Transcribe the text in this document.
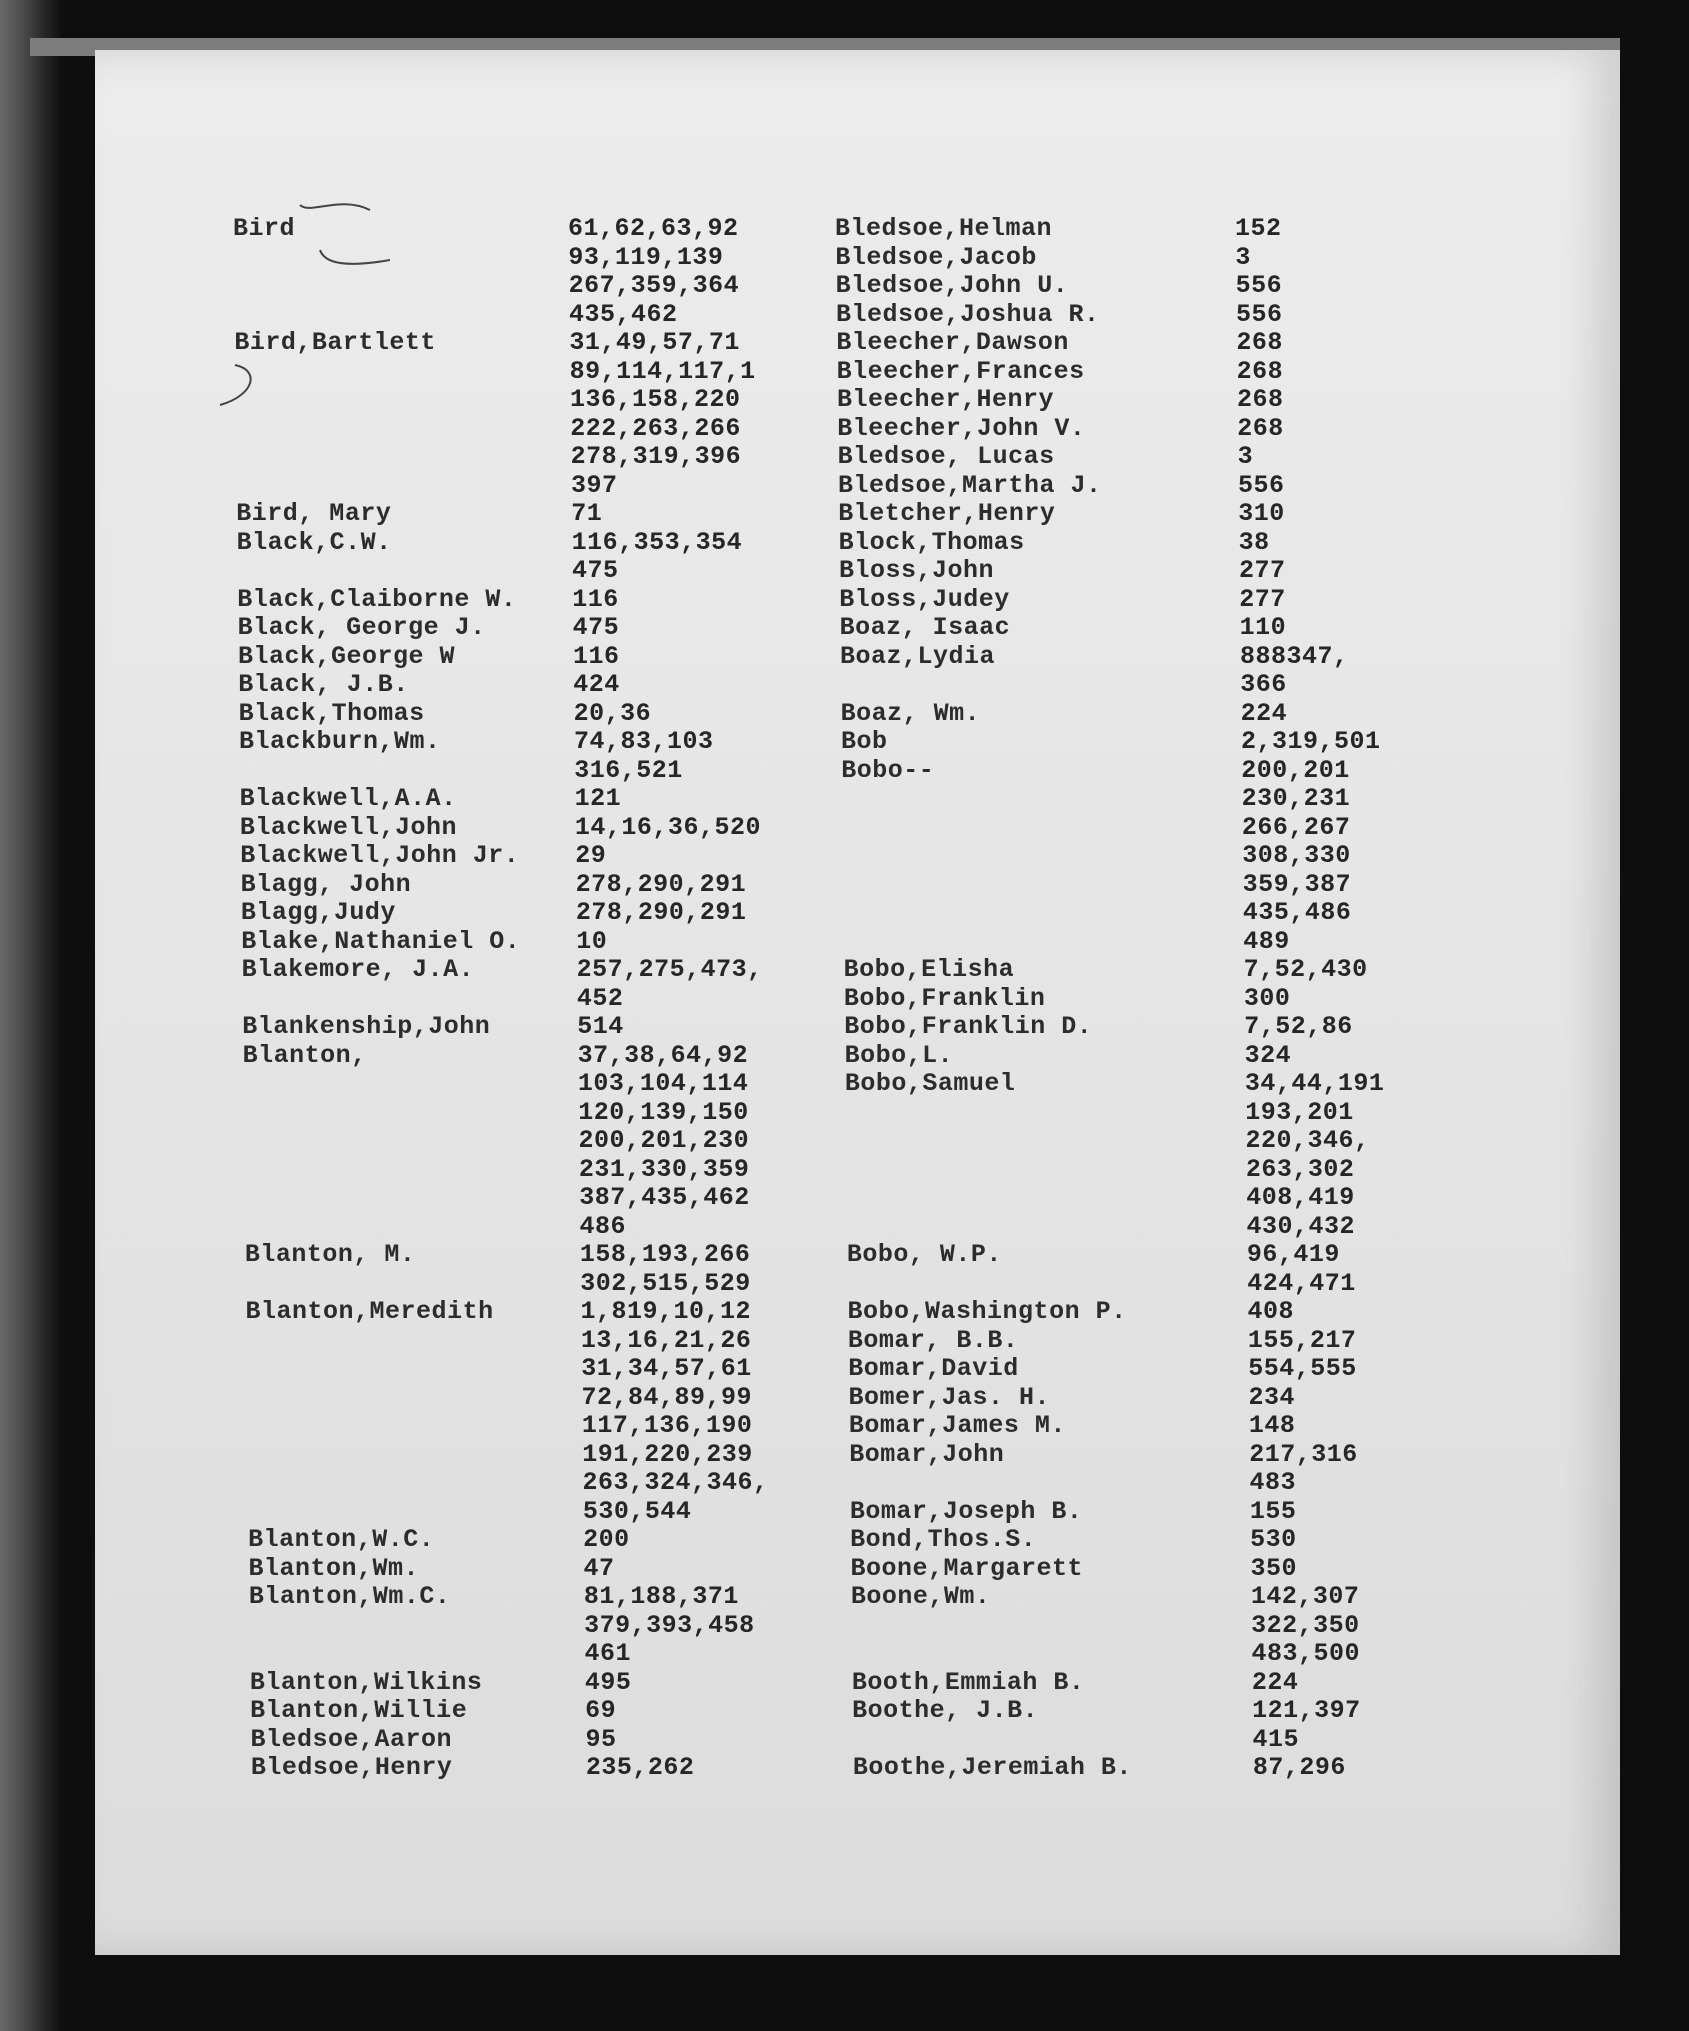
Bird	61,62,63,92
93,119,139
267,359,364
435,462
Bird,Bartlett	31,49,57,71
89,114,117,1
136,158,220
222,263,266
278,319,396
397
Bird, Mary	71
Black,C.W.	116,353,354
475
Black,Claiborne W. 116
Black, George J.	475
Black,George W	116
Black, J.B.	424
Black,Thomas	20,36
Blackburn,Wm.	74,83,103
316,521
Blackwell,A.A.	121
Blackwell,John	14,16,36,520
Blackwell,John Jr. 29
Blagg, John	278,290,291
Blagg,Judy	278,290,291
Blake,Nathaniel O. 10
Blakemore, J.A.	257,275,473,
452
Blankenship,John	514
Blanton,	37,38,64,92
103,104,114
120,139,150
200,201,230
231,330,359
387,435,462
486
Blanton, M.	158,193,266
302,515,529
Blanton,Meredith	1,819,10,12
13,16,21,26
31,34,57,61
72,84,89,99
117,136,190
191,220,239
263,324,346,
530,544
Blanton,W.C.	200
Blanton,Wm.	47
Blanton,Wm.C.	81,188,371
379,393,458
461
Blanton,Wilkins	495
Blanton,Willie	69
Bledsoe,Aaron	95
Bledsoe,Henry	235,262
Bledsoe,Helman	152
Bledsoe,Jacob	3
Bledsoe,John U.	556
Bledsoe,Joshua R.	556
Bleecher,Dawson	268
Bleecher,Frances	268
Bleecher,Henry	268
Bleecher,John V.	268
Bledsoe, Lucas	3
Bledsoe,Martha J.	556
Bletcher,Henry	310
Block,Thomas	38
Bloss,John	277
Bloss,Judey	277
Boaz, Isaac	110
Boaz,Lydia	888347,
366
Boaz, Wm.	224
Bob	2,319,501
Bobo--	200,201
230,231
266,267
308,330
359,387
435,486
489
Bobo,Elisha	7,52,430
Bobo,Franklin	300
Bobo,Franklin D.	7,52,86
Bobo,L.	324
Bobo,Samuel	34,44,191
193,201
220,346,
263,302
408,419
430,432
Bobo, W.P.	96,419
424,471
Bobo,Washington P.	408
Bomar, B.B.	155,217
Bomar,David	554,555
Bomer,Jas. H.	234
Bomar,James M.	148
Bomar,John	217,316
483
Bomar,Joseph B.	155
Bond,Thos.S.	530
Boone,Margarett	350
Boone,Wm.	142,307
322,350
483,500
Booth,Emmiah B.	224
Boothe, J.B.	121,397
415
Boothe,Jeremiah B.	87,296
